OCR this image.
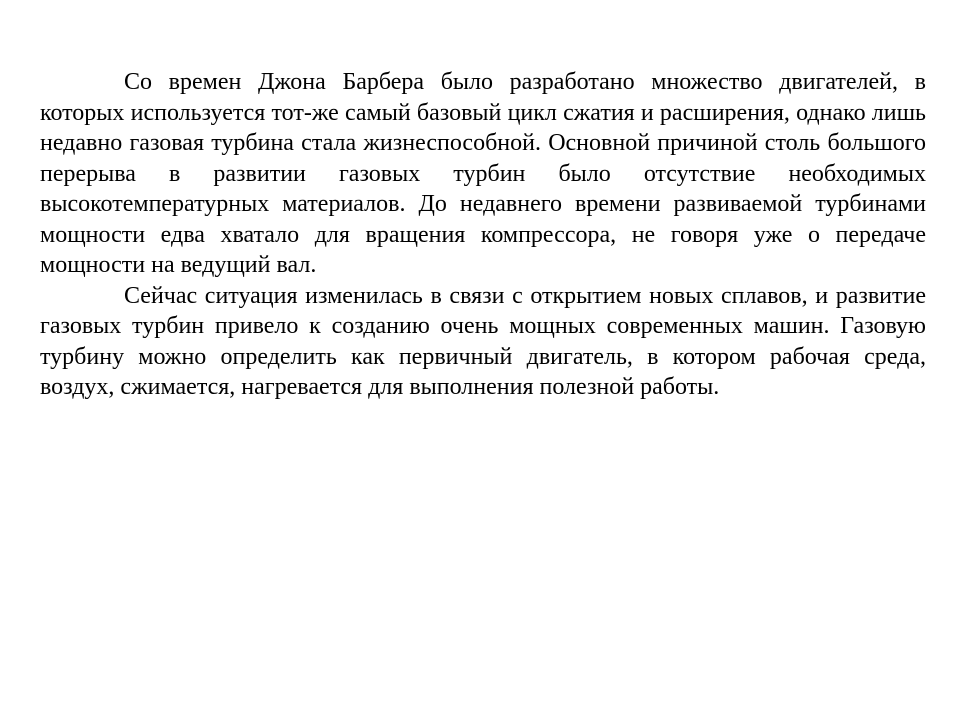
Со времен Джона Барбера было разработано множество двигателей, в которых используется тот-же самый базовый цикл сжатия и расширения, однако лишь недавно газовая турбина стала жизнеспособной. Основной причиной столь большого перерыва в развитии газовых турбин было отсутствие необходимых высокотемпературных материалов. До недавнего времени развиваемой турбинами мощности едва хватало для вращения компрессора, не говоря уже о передаче мощности на ведущий вал.

Сейчас ситуация изменилась в связи с открытием новых сплавов, и развитие газовых турбин привело к созданию очень мощных современных машин. Газовую турбину можно определить как первичный двигатель, в котором рабочая среда, воздух, сжимается, нагревается для выполнения полезной работы.
